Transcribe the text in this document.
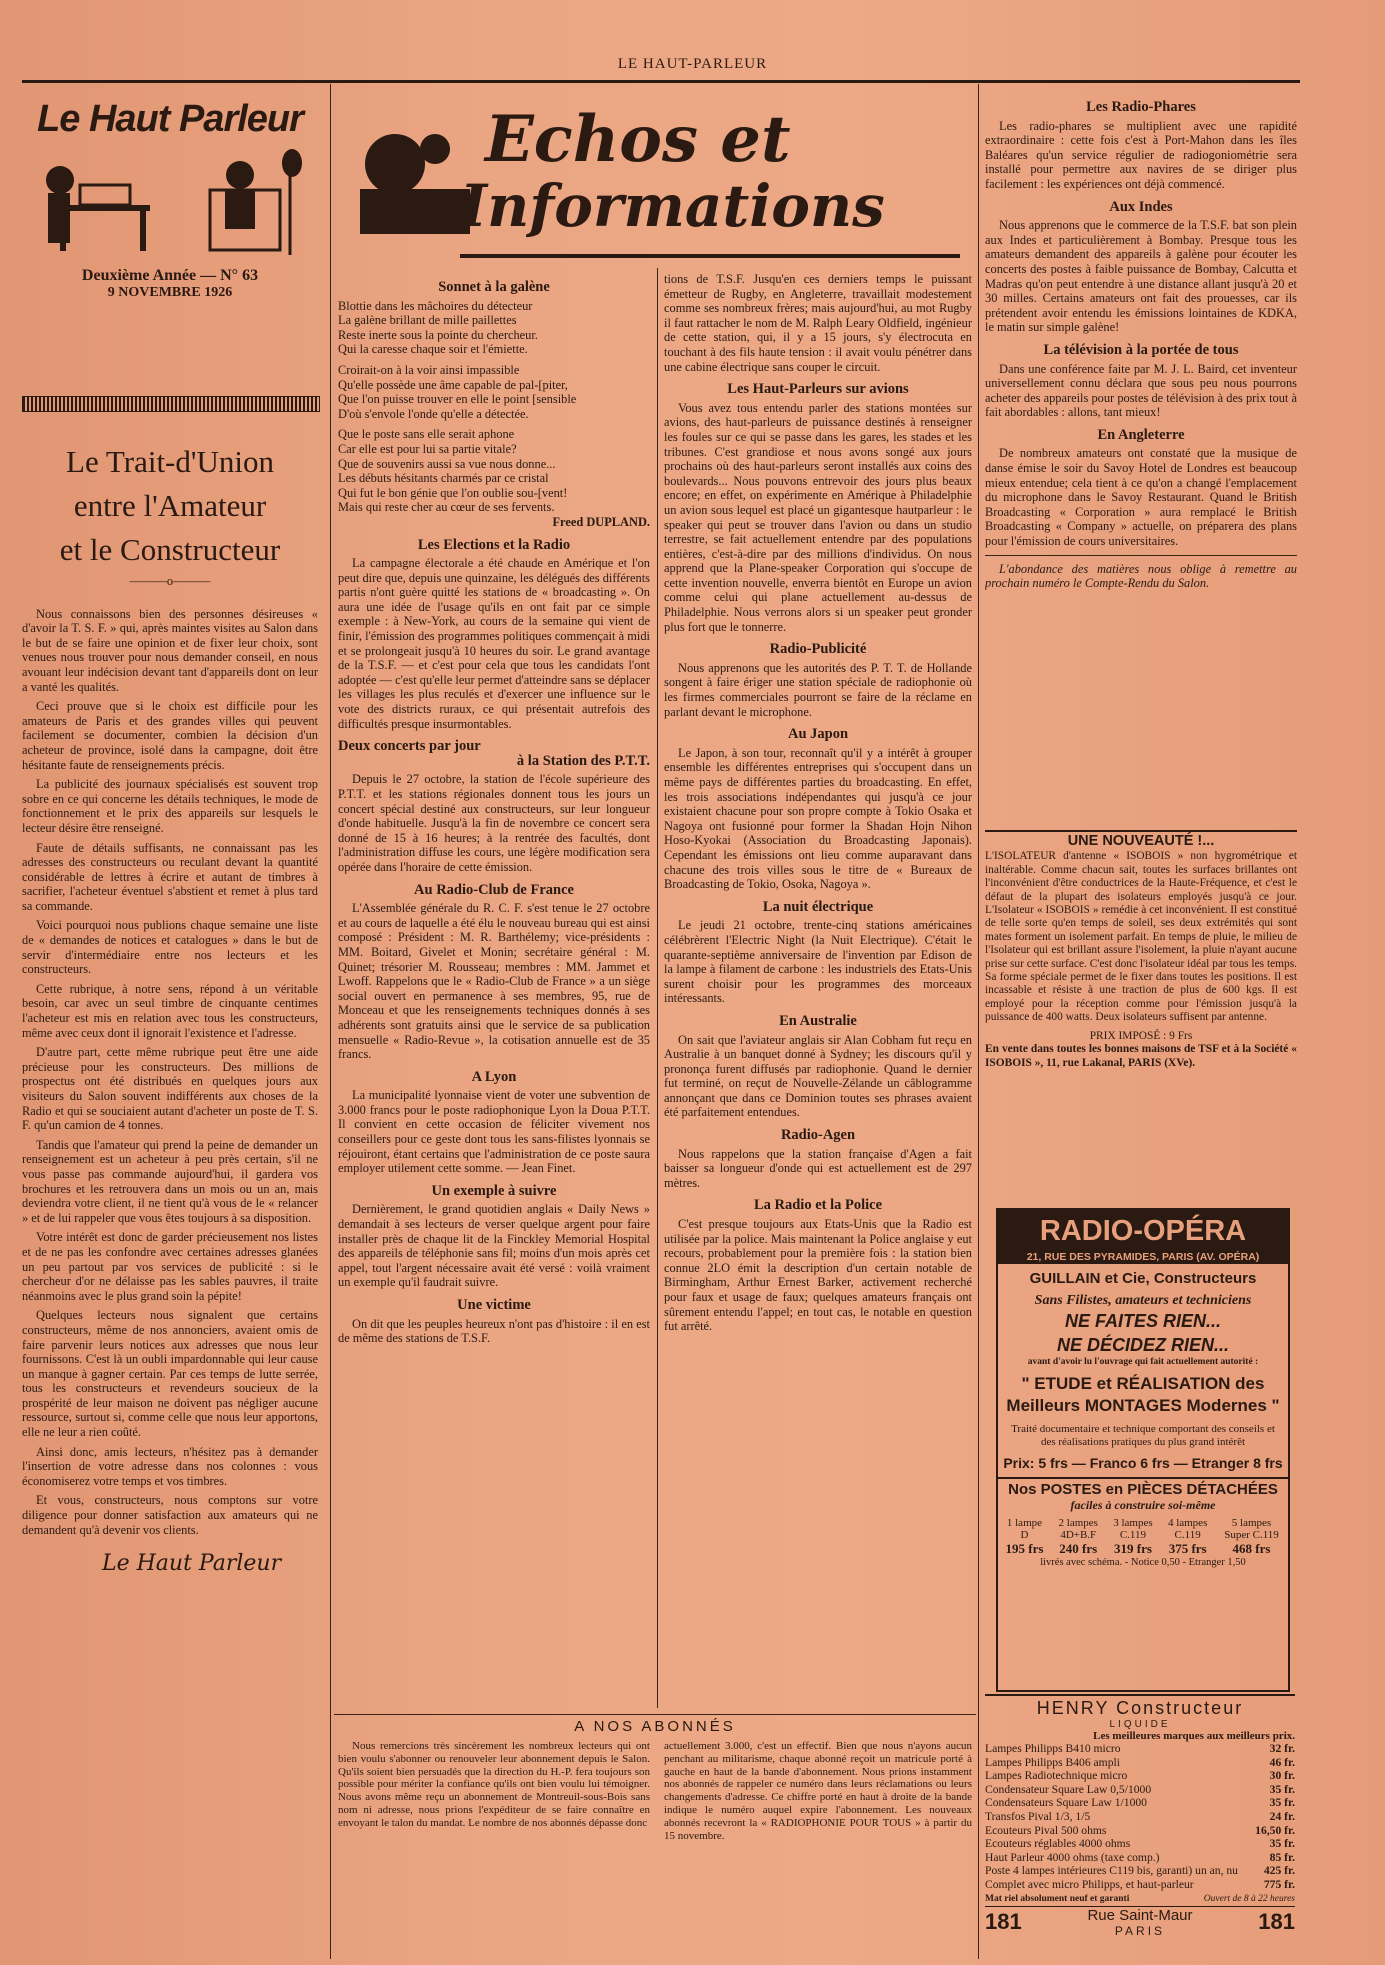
LE HAUT-PARLEUR
Le Haut Parleur
Deuxième Année — N° 63
9 NOVEMBRE 1926
Echos et
Informations
Le Trait-d'Union
entre l'Amateur
et le Constructeur
———o———

Nous connaissons bien des personnes désireuses « d'avoir la T. S. F. » qui, après maintes visites au Salon dans le but de se faire une opinion et de fixer leur choix, sont venues nous trouver pour nous demander conseil, en nous avouant leur indécision devant tant d'appareils dont on leur a vanté les qualités.

Ceci prouve que si le choix est difficile pour les amateurs de Paris et des grandes villes qui peuvent facilement se documenter, combien la décision d'un acheteur de province, isolé dans la campagne, doit être hésitante faute de renseignements précis.

La publicité des journaux spécialisés est souvent trop sobre en ce qui concerne les détails techniques, le mode de fonctionnement et le prix des appareils sur lesquels le lecteur désire être renseigné.

Faute de détails suffisants, ne connaissant pas les adresses des constructeurs ou reculant devant la quantité considérable de lettres à écrire et autant de timbres à sacrifier, l'acheteur éventuel s'abstient et remet à plus tard sa commande.

Voici pourquoi nous publions chaque semaine une liste de « demandes de notices et catalogues » dans le but de servir d'intermédiaire entre nos lecteurs et les constructeurs.

Cette rubrique, à notre sens, répond à un véritable besoin, car avec un seul timbre de cinquante centimes l'acheteur est mis en relation avec tous les constructeurs, même avec ceux dont il ignorait l'existence et l'adresse.

D'autre part, cette même rubrique peut être une aide précieuse pour les constructeurs. Des millions de prospectus ont été distribués en quelques jours aux visiteurs du Salon souvent indifférents aux choses de la Radio et qui se souciaient autant d'acheter un poste de T. S. F. qu'un camion de 4 tonnes.

Tandis que l'amateur qui prend la peine de demander un renseignement est un acheteur à peu près certain, s'il ne vous passe pas commande aujourd'hui, il gardera vos brochures et les retrouvera dans un mois ou un an, mais deviendra votre client, il ne tient qu'à vous de le « relancer » et de lui rappeler que vous êtes toujours à sa disposition.

Votre intérêt est donc de garder précieusement nos listes et de ne pas les confondre avec certaines adresses glanées un peu partout par vos services de publicité : si le chercheur d'or ne délaisse pas les sables pauvres, il traite néanmoins avec le plus grand soin la pépite!

Quelques lecteurs nous signalent que certains constructeurs, même de nos annonciers, avaient omis de faire parvenir leurs notices aux adresses que nous leur fournissons. C'est là un oubli impardonnable qui leur cause un manque à gagner certain. Par ces temps de lutte serrée, tous les constructeurs et revendeurs soucieux de la prospérité de leur maison ne doivent pas négliger aucune ressource, surtout si, comme celle que nous leur apportons, elle ne leur a rien coûté.

Ainsi donc, amis lecteurs, n'hésitez pas à demander l'insertion de votre adresse dans nos colonnes : vous économiserez votre temps et vos timbres.

Et vous, constructeurs, nous comptons sur votre diligence pour donner satisfaction aux amateurs qui ne demandent qu'à devenir vos clients.

Le Haut Parleur
Sonnet à la galène
Blottie dans les mâchoires du détecteur
La galène brillant de mille paillettes
Reste inerte sous la pointe du chercheur.
Qui la caresse chaque soir et l'émiette.
Croirait-on à la voir ainsi impassible
Qu'elle possède une âme capable de pal-[piter,
Que l'on puisse trouver en elle le point [sensible
D'où s'envole l'onde qu'elle a détectée.
Que le poste sans elle serait aphone
Car elle est pour lui sa partie vitale?
Que de souvenirs aussi sa vue nous donne...
Les débuts hésitants charmés par ce cristal
Qui fut le bon génie que l'on oublie sou-[vent!
Mais qui reste cher au cœur de ses fervents.
Freed DUPLAND.
Les Elections et la Radio

La campagne électorale a été chaude en Amérique et l'on peut dire que, depuis une quinzaine, les délégués des différents partis n'ont guère quitté les stations de « broadcasting ». On aura une idée de l'usage qu'ils en ont fait par ce simple exemple : à New-York, au cours de la semaine qui vient de finir, l'émission des programmes politiques commençait à midi et se prolongeait jusqu'à 10 heures du soir. Le grand avantage de la T.S.F. — et c'est pour cela que tous les candidats l'ont adoptée — c'est qu'elle leur permet d'atteindre sans se déplacer les villages les plus reculés et d'exercer une influence sur le vote des districts ruraux, ce qui présentait autrefois des difficultés presque insurmontables.

Deux concerts par jour
à la Station des P.T.T.

Depuis le 27 octobre, la station de l'école supérieure des P.T.T. et les stations régionales donnent tous les jours un concert spécial destiné aux constructeurs, sur leur longueur d'onde habituelle. Jusqu'à la fin de novembre ce concert sera donné de 15 à 16 heures; à la rentrée des facultés, dont l'administration diffuse les cours, une légère modification sera opérée dans l'horaire de cette émission.

Au Radio-Club de France

L'Assemblée générale du R. C. F. s'est tenue le 27 octobre et au cours de laquelle a été élu le nouveau bureau qui est ainsi composé : Président : M. R. Barthélemy; vice-présidents : MM. Boitard, Givelet et Monin; secrétaire général : M. Quinet; trésorier M. Rousseau; membres : MM. Jammet et Lwoff. Rappelons que le « Radio-Club de France » a un siège social ouvert en permanence à ses membres, 95, rue de Monceau et que les renseignements techniques donnés à ses adhérents sont gratuits ainsi que le service de sa publication mensuelle « Radio-Revue », la cotisation annuelle est de 35 francs.

A Lyon

La municipalité lyonnaise vient de voter une subvention de 3.000 francs pour le poste radiophonique Lyon la Doua P.T.T. Il convient en cette occasion de féliciter vivement nos conseillers pour ce geste dont tous les sans-filistes lyonnais se réjouiront, étant certains que l'administration de ce poste saura employer utilement cette somme. — Jean Finet.

Un exemple à suivre

Dernièrement, le grand quotidien anglais « Daily News » demandait à ses lecteurs de verser quelque argent pour faire installer près de chaque lit de la Finckley Memorial Hospital des appareils de téléphonie sans fil; moins d'un mois après cet appel, tout l'argent nécessaire avait été versé : voilà vraiment un exemple qu'il faudrait suivre.

Une victime

On dit que les peuples heureux n'ont pas d'histoire : il en est de même des stations de T.S.F.

tions de T.S.F. Jusqu'en ces derniers temps le puissant émetteur de Rugby, en Angleterre, travaillait modestement comme ses nombreux frères; mais aujourd'hui, au mot Rugby il faut rattacher le nom de M. Ralph Leary Oldfield, ingénieur de cette station, qui, il y a 15 jours, s'y électrocuta en touchant à des fils haute tension : il avait voulu pénétrer dans une cabine électrique sans couper le circuit.

Les Haut-Parleurs sur avions

Vous avez tous entendu parler des stations montées sur avions, des haut-parleurs de puissance destinés à renseigner les foules sur ce qui se passe dans les gares, les stades et les tribunes. C'est grandiose et nous avons songé aux jours prochains où des haut-parleurs seront installés aux coins des boulevards... Nous pouvons entrevoir des jours plus beaux encore; en effet, on expérimente en Amérique à Philadelphie un avion sous lequel est placé un gigantesque hautparleur : le speaker qui peut se trouver dans l'avion ou dans un studio terrestre, se fait actuellement entendre par des populations entières, c'est-à-dire par des millions d'individus. On nous apprend que la Plane-speaker Corporation qui s'occupe de cette invention nouvelle, enverra bientôt en Europe un avion comme celui qui plane actuellement au-dessus de Philadelphie. Nous verrons alors si un speaker peut gronder plus fort que le tonnerre.

Radio-Publicité

Nous apprenons que les autorités des P. T. T. de Hollande songent à faire ériger une station spéciale de radiophonie où les firmes commerciales pourront se faire de la réclame en parlant devant le microphone.

Au Japon

Le Japon, à son tour, reconnaît qu'il y a intérêt à grouper ensemble les différentes entreprises qui s'occupent dans un même pays de différentes parties du broadcasting. En effet, les trois associations indépendantes qui jusqu'à ce jour existaient chacune pour son propre compte à Tokio Osaka et Nagoya ont fusionné pour former la Shadan Hojn Nihon Hoso-Kyokai (Association du Broadcasting Japonais). Cependant les émissions ont lieu comme auparavant dans chacune des trois villes sous le titre de « Bureaux de Broadcasting de Tokio, Osoka, Nagoya ».

La nuit électrique

Le jeudi 21 octobre, trente-cinq stations américaines célébrèrent l'Electric Night (la Nuit Electrique). C'était le quarante-septième anniversaire de l'invention par Edison de la lampe à filament de carbone : les industriels des Etats-Unis surent choisir pour les programmes des morceaux intéressants.

En Australie

On sait que l'aviateur anglais sir Alan Cobham fut reçu en Australie à un banquet donné à Sydney; les discours qu'il y prononça furent diffusés par radiophonie. Quand le dernier fut terminé, on reçut de Nouvelle-Zélande un câblogramme annonçant que dans ce Dominion toutes ses phrases avaient été parfaitement entendues.

Radio-Agen

Nous rappelons que la station française d'Agen a fait baisser sa longueur d'onde qui est actuellement est de 297 mètres.

La Radio et la Police

C'est presque toujours aux Etats-Unis que la Radio est utilisée par la police. Mais maintenant la Police anglaise y eut recours, probablement pour la première fois : la station bien connue 2LO émit la description d'un certain notable de Birmingham, Arthur Ernest Barker, activement recherché pour faux et usage de faux; quelques amateurs français ont sûrement entendu l'appel; en tout cas, le notable en question fut arrêté.

A NOS ABONNÉS

Nous remercions très sincèrement les nombreux lecteurs qui ont bien voulu s'abonner ou renouveler leur abonnement depuis le Salon. Qu'ils soient bien persuadés que la direction du H.-P. fera toujours son possible pour mériter la confiance qu'ils ont bien voulu lui témoigner. Nous avons même reçu un abonnement de Montreuil-sous-Bois sans nom ni adresse, nous prions l'expéditeur de se faire connaître en envoyant le talon du mandat. Le nombre de nos abonnés dépasse donc

actuellement 3.000, c'est un effectif. Bien que nous n'ayons aucun penchant au militarisme, chaque abonné reçoit un matricule porté à gauche en haut de la bande d'abonnement. Nous prions instamment nos abonnés de rappeler ce numéro dans leurs réclamations ou leurs changements d'adresse. Ce chiffre porté en haut à droite de la bande indique le numéro auquel expire l'abonnement. Les nouveaux abonnés recevront la « RADIOPHONIE POUR TOUS » à partir du 15 novembre.

Les Radio-Phares

Les radio-phares se multiplient avec une rapidité extraordinaire : cette fois c'est à Port-Mahon dans les îles Baléares qu'un service régulier de radiogoniométrie sera installé pour permettre aux navires de se diriger plus facilement : les expériences ont déjà commencé.

Aux Indes

Nous apprenons que le commerce de la T.S.F. bat son plein aux Indes et particulièrement à Bombay. Presque tous les amateurs demandent des appareils à galène pour écouter les concerts des postes à faible puissance de Bombay, Calcutta et Madras qu'on peut entendre à une distance allant jusqu'à 20 et 30 milles. Certains amateurs ont fait des prouesses, car ils prétendent avoir entendu les émissions lointaines de KDKA, le matin sur simple galène!

La télévision à la portée de tous

Dans une conférence faite par M. J. L. Baird, cet inventeur universellement connu déclara que sous peu nous pourrons acheter des appareils pour postes de télévision à des prix tout à fait abordables : allons, tant mieux!

En Angleterre

De nombreux amateurs ont constaté que la musique de danse émise le soir du Savoy Hotel de Londres est beaucoup mieux entendue; cela tient à ce qu'on a changé l'emplacement du microphone dans le Savoy Restaurant. Quand le British Broadcasting « Corporation » aura remplacé le British Broadcasting « Company » actuelle, on préparera des plans pour l'émission de cours universitaires.

L'abondance des matières nous oblige à remettre au prochain numéro le Compte-Rendu du Salon.

UNE NOUVEAUTÉ !...

L'ISOLATEUR d'antenne « ISOBOIS » non hygrométrique et inaltérable. Comme chacun sait, toutes les surfaces brillantes ont l'inconvénient d'être conductrices de la Haute-Fréquence, et c'est le défaut de la plupart des isolateurs employés jusqu'à ce jour. L'Isolateur « ISOBOIS » remédie à cet inconvénient. Il est constitué de telle sorte qu'en temps de soleil, ses deux extrémités qui sont mates forment un isolement parfait. En temps de pluie, le milieu de l'Isolateur qui est brillant assure l'isolement, la pluie n'ayant aucune prise sur cette surface. C'est donc l'isolateur idéal par tous les temps. Sa forme spéciale permet de le fixer dans toutes les positions. Il est incassable et résiste à une traction de plus de 600 kgs. Il est employé pour la réception comme pour l'émission jusqu'à la puissance de 400 watts. Deux isolateurs suffisent par antenne.

PRIX IMPOSÉ : 9 Frs

En vente dans toutes les bonnes maisons de TSF et à la Société « ISOBOIS », 11, rue Lakanal, PARIS (XVe).

RADIO-OPÉRA
21, RUE DES PYRAMIDES, PARIS (AV. OPÉRA)
GUILLAIN et Cie, Constructeurs
Sans Filistes, amateurs et techniciens
NE FAITES RIEN...
NE DÉCIDEZ RIEN...
avant d'avoir lu l'ouvrage qui fait actuellement autorité :
" ETUDE et RÉALISATION des
Meilleurs MONTAGES Modernes "
Traité documentaire et technique comportant des conseils et des réalisations pratiques du plus grand intérêt
Prix: 5 frs — Franco 6 frs — Etranger 8 frs
Nos POSTES en PIÈCES DÉTACHÉES
faciles à construire soi-même
1 lampe	2 lampes	3 lampes	4 lampes	5 lampes
D	4D+B.F	C.119	C.119	Super C.119
195 frs	240 frs	319 frs	375 frs	468 frs
livrés avec schéma. - Notice 0,50 - Etranger 1,50
HENRY Constructeur
LIQUIDE
Les meilleures marques aux meilleurs prix.
Lampes Philipps B410 micro	32 fr.
Lampes Philipps B406 ampli	46 fr.
Lampes Radiotechnique micro	30 fr.
Condensateur Square Law 0,5/1000	35 fr.
Condensateurs Square Law 1/1000	35 fr.
Transfos Pival 1/3, 1/5	24 fr.
Ecouteurs Pival 500 ohms	16,50 fr.
Ecouteurs réglables 4000 ohms	35 fr.
Haut Parleur 4000 ohms (taxe comp.)	85 fr.
Poste 4 lampes intérieures C119 bis, garanti) un an, nu 425 fr.
Complet avec micro Philipps, et haut-parleur	775 fr.
Mat riel absolument neuf et garanti	Ouvert de 8 à 22 heures
181	Rue Saint-Maur
PARIS	181
